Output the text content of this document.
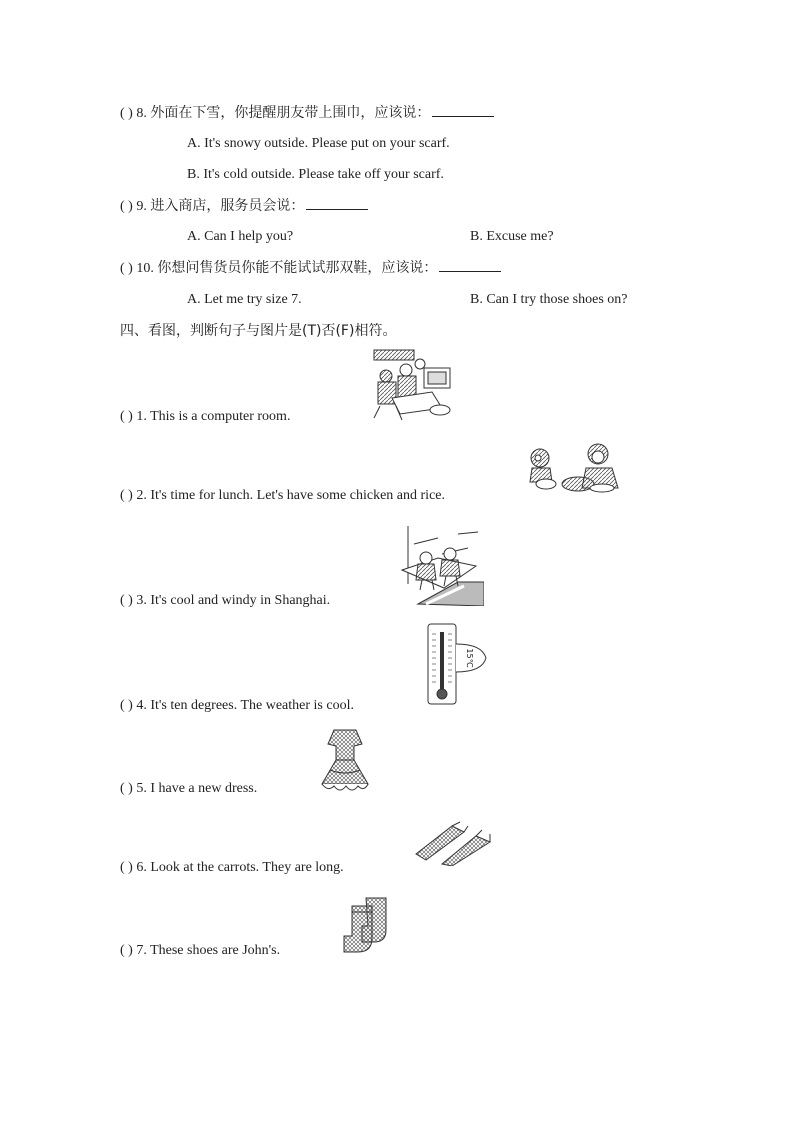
( ) 8. 外面在下雪，你提醒朋友带上围巾，应该说：
A. It's snowy outside. Please put on your scarf.
B. It's cold outside. Please take off your scarf.
( ) 9. 进入商店，服务员会说：
A. Can I help you?	B. Excuse me?
( ) 10. 你想问售货员你能不能试试那双鞋，应该说：
A. Let me try size 7.	B. Can I try those shoes on?
四、看图，判断句子与图片是(T)否(F)相符。
( ) 1. This is a computer room.
( ) 2. It's time for lunch. Let's have some chicken and rice.
( ) 3. It's cool and windy in Shanghai.
( ) 4. It's ten degrees. The weather is cool.
( ) 5. I have a new dress.
( ) 6. Look at the carrots. They are long.
( ) 7. These shoes are John's.
15℃
